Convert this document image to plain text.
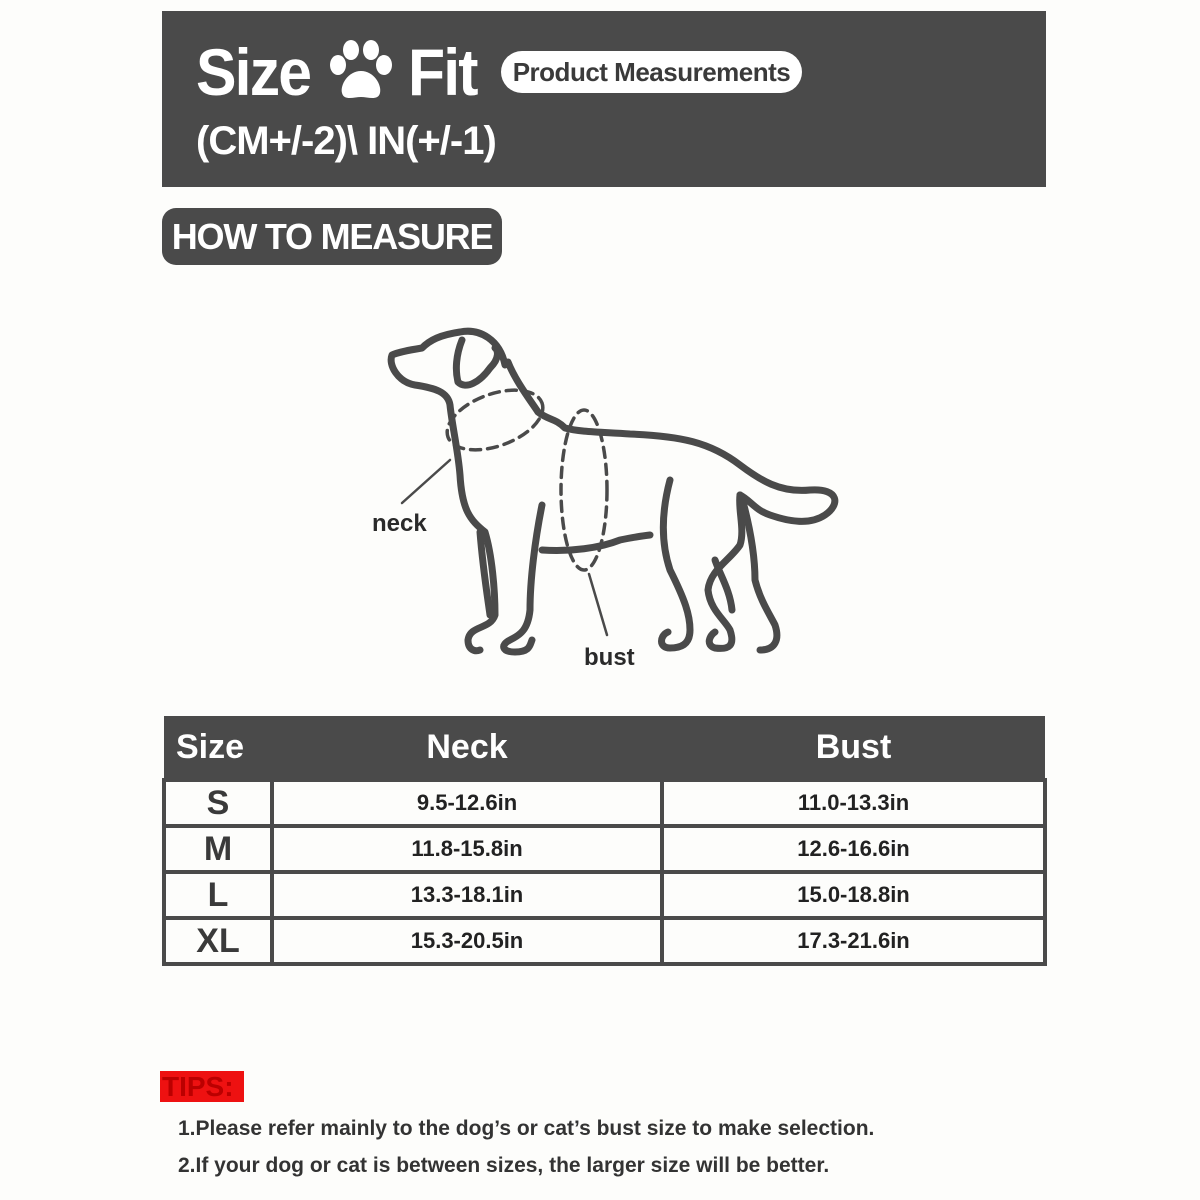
Size Fit	Product Measurements
(CM+/-2)\ IN(+/-1)
HOW TO MEASURE
neck
bust
Size	Neck	Bust
S	9.5-12.6in	11.0-13.3in
M	11.8-15.8in	12.6-16.6in
L	13.3-18.1in	15.0-18.8in
XL	15.3-20.5in	17.3-21.6in
TIPS:
1.Please refer mainly to the dog’s or cat’s bust size to make selection.
2.If your dog or cat is between sizes, the larger size will be better.
